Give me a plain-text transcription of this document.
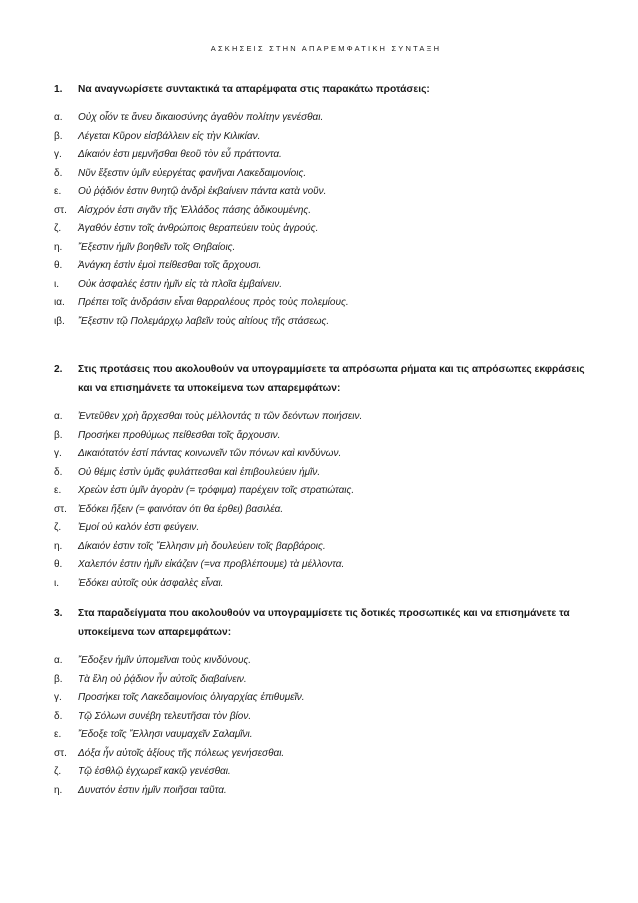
ΑΣΚΗΣΕΙΣ ΣΤΗΝ ΑΠΑΡΕΜΦΑΤΙΚΗ ΣΥΝΤΑΞΗ
1.	Να αναγνωρίσετε συντακτικά τα απαρέμφατα στις παρακάτω προτάσεις:
α.	Οὐχ οἷόν τε ἄνευ δικαιοσύνης ἀγαθὸν πολίτην γενέσθαι.
β.	Λέγεται Κῦρον εἰσβάλλειν εἰς τὴν Κιλικίαν.
γ.	Δίκαιόν ἐστι μεμνῆσθαι θεοῦ τὸν εὖ πράττοντα.
δ.	Νῦν ἔξεστιν ὑμῖν εὐεργέτας φανῆναι Λακεδαιμονίοις.
ε.	Οὐ ῥᾴδιόν ἐστιν θνητῷ ἀνδρὶ ἐκβαίνειν πάντα κατὰ νοῦν.
στ.	Αἰσχρόν ἐστι σιγᾶν τῆς Ἑλλάδος πάσης ἀδικουμένης.
ζ.	Ἀγαθόν ἐστιν τοῖς ἀνθρώποις θεραπεύειν τοὺς ἀγρούς.
η.	Ἔξεστιν ἡμῖν βοηθεῖν τοῖς Θηβαίοις.
θ.	Ἀνάγκη ἐστὶν ἐμοὶ πείθεσθαι τοῖς ἄρχουσι.
ι.	Οὐκ ἀσφαλές ἐστιν ἡμῖν εἰς τὰ πλοῖα ἐμβαίνειν.
ια.	Πρέπει τοῖς ἀνδράσιν εἶναι θαρραλέους πρὸς τοὺς πολεμίους.
ιβ.	Ἔξεστιν τῷ Πολεμάρχῳ λαβεῖν τοὺς αἰτίους τῆς στάσεως.
2.	Στις προτάσεις που ακολουθούν να υπογραμμίσετε τα απρόσωπα ρήματα και τις απρόσωπες εκφράσεις και να επισημάνετε τα υποκείμενα των απαρεμφάτων:
α.	Ἐντεῦθεν χρὴ ἄρχεσθαι τοὺς μέλλοντάς τι τῶν δεόντων ποιήσειν.
β.	Προσήκει προθύμως πείθεσθαι τοῖς ἄρχουσιν.
γ.	Δικαιότατόν ἐστί πάντας κοινωνεῖν τῶν πόνων καὶ κινδύνων.
δ.	Οὐ θέμις ἐστὶν ὑμᾶς φυλάττεσθαι καὶ ἐπιβουλεύειν ἡμῖν.
ε.	Χρεὼν ἐστι ὑμῖν ἀγορὰν (= τρόφιμα) παρέχειν τοῖς στρατιώταις.
στ.	Ἐδόκει ἥξειν (= φαινόταν ότι θα έρθει) βασιλέα.
ζ.	Ἐμοί οὐ καλόν ἐστι φεύγειν.
η.	Δίκαιόν ἐστιν τοῖς Ἕλλησιν μὴ δουλεύειν τοῖς βαρβάροις.
θ.	Χαλεπόν ἐστιν ἡμῖν εἰκάζειν (=να προβλέπουμε) τὰ μέλλοντα.
ι.	Ἐδόκει αὐτοῖς οὐκ ἀσφαλὲς εἶναι.
3.	Στα παραδείγματα που ακολουθούν να υπογραμμίσετε τις δοτικές προσωπικές και να επισημάνετε τα υποκείμενα των απαρεμφάτων:
α.	Ἔδοξεν ἡμῖν ὑπομεῖναι τοὺς κινδύνους.
β.	Τὰ ἕλη οὐ ῥᾴδιον ἦν αὐτοῖς διαβαίνειν.
γ.	Προσήκει τοῖς Λακεδαιμονίοις ὀλιγαρχίας ἐπιθυμεῖν.
δ.	Τῷ Σόλωνι συνέβη τελευτῆσαι τὸν βίον.
ε.	Ἔδοξε τοῖς Ἕλλησι ναυμαχεῖν Σαλαμῖνι.
στ.	Δόξα ἦν αὐτοῖς ἀξίους τῆς πόλεως γενήσεσθαι.
ζ.	Τῷ ἐσθλῷ ἐγχωρεῖ κακῷ γενέσθαι.
η.	Δυνατόν ἐστιν ἡμῖν ποιῆσαι ταῦτα.
